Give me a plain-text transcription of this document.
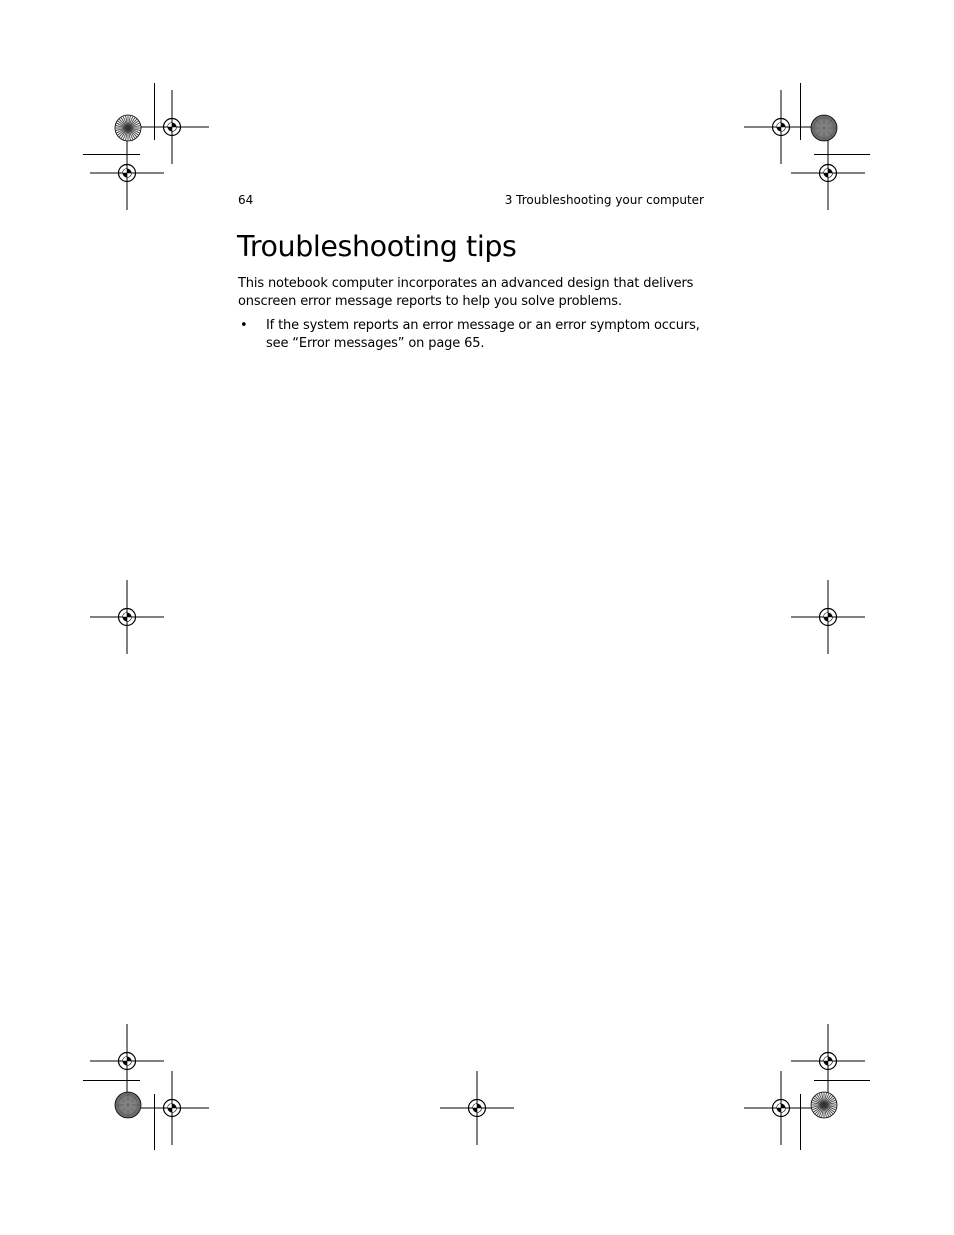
64	3 Troubleshooting your computer
Troubleshooting tips

This notebook computer incorporates an advanced design that delivers onscreen error message reports to help you solve problems.

• If the system reports an error message or an error symptom occurs, see “Error messages” on page 65.
